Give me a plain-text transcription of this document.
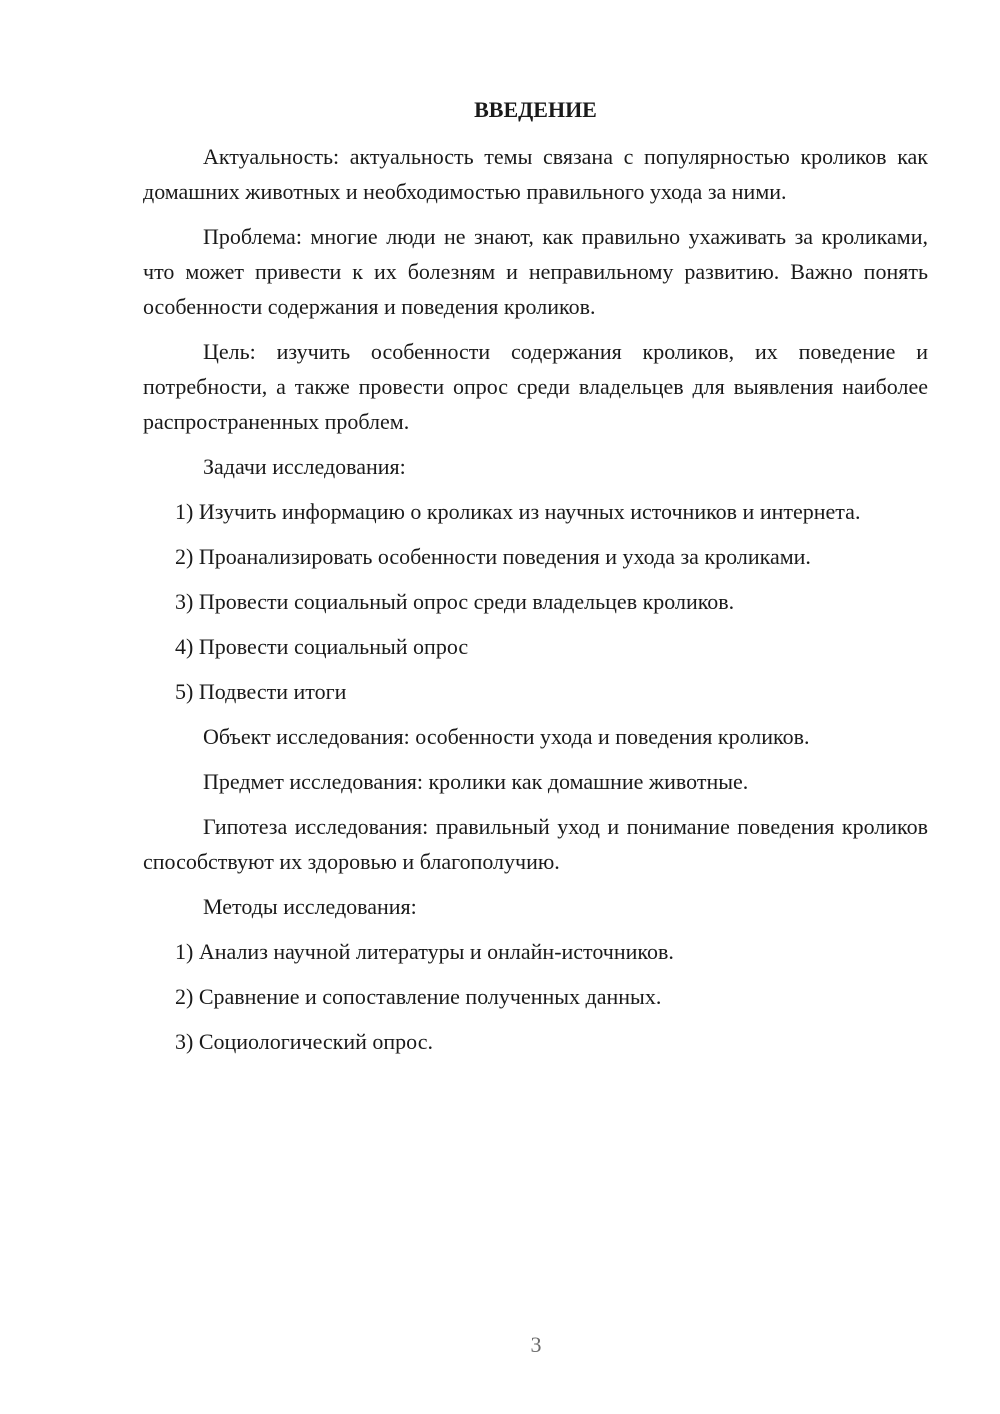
ВВЕДЕНИЕ

Актуальность: актуальность темы связана с популярностью кроликов как домашних животных и необходимостью правильного ухода за ними.

Проблема: многие люди не знают, как правильно ухаживать за кроликами, что может привести к их болезням и неправильному развитию. Важно понять особенности содержания и поведения кроликов.

Цель: изучить особенности содержания кроликов, их поведение и потребности, а также провести опрос среди владельцев для выявления наиболее распространенных проблем.

Задачи исследования:

1) Изучить информацию о кроликах из научных источников и интернета.

2) Проанализировать особенности поведения и ухода за кроликами.

3) Провести социальный опрос среди владельцев кроликов.

4) Провести социальный опрос

5) Подвести итоги

Объект исследования: особенности ухода и поведения кроликов.

Предмет исследования: кролики как домашние животные.

Гипотеза исследования: правильный уход и понимание поведения кроликов способствуют их здоровью и благополучию.

Методы исследования:

1) Анализ научной литературы и онлайн-источников.

2) Сравнение и сопоставление полученных данных.

3) Социологический опрос.

3
